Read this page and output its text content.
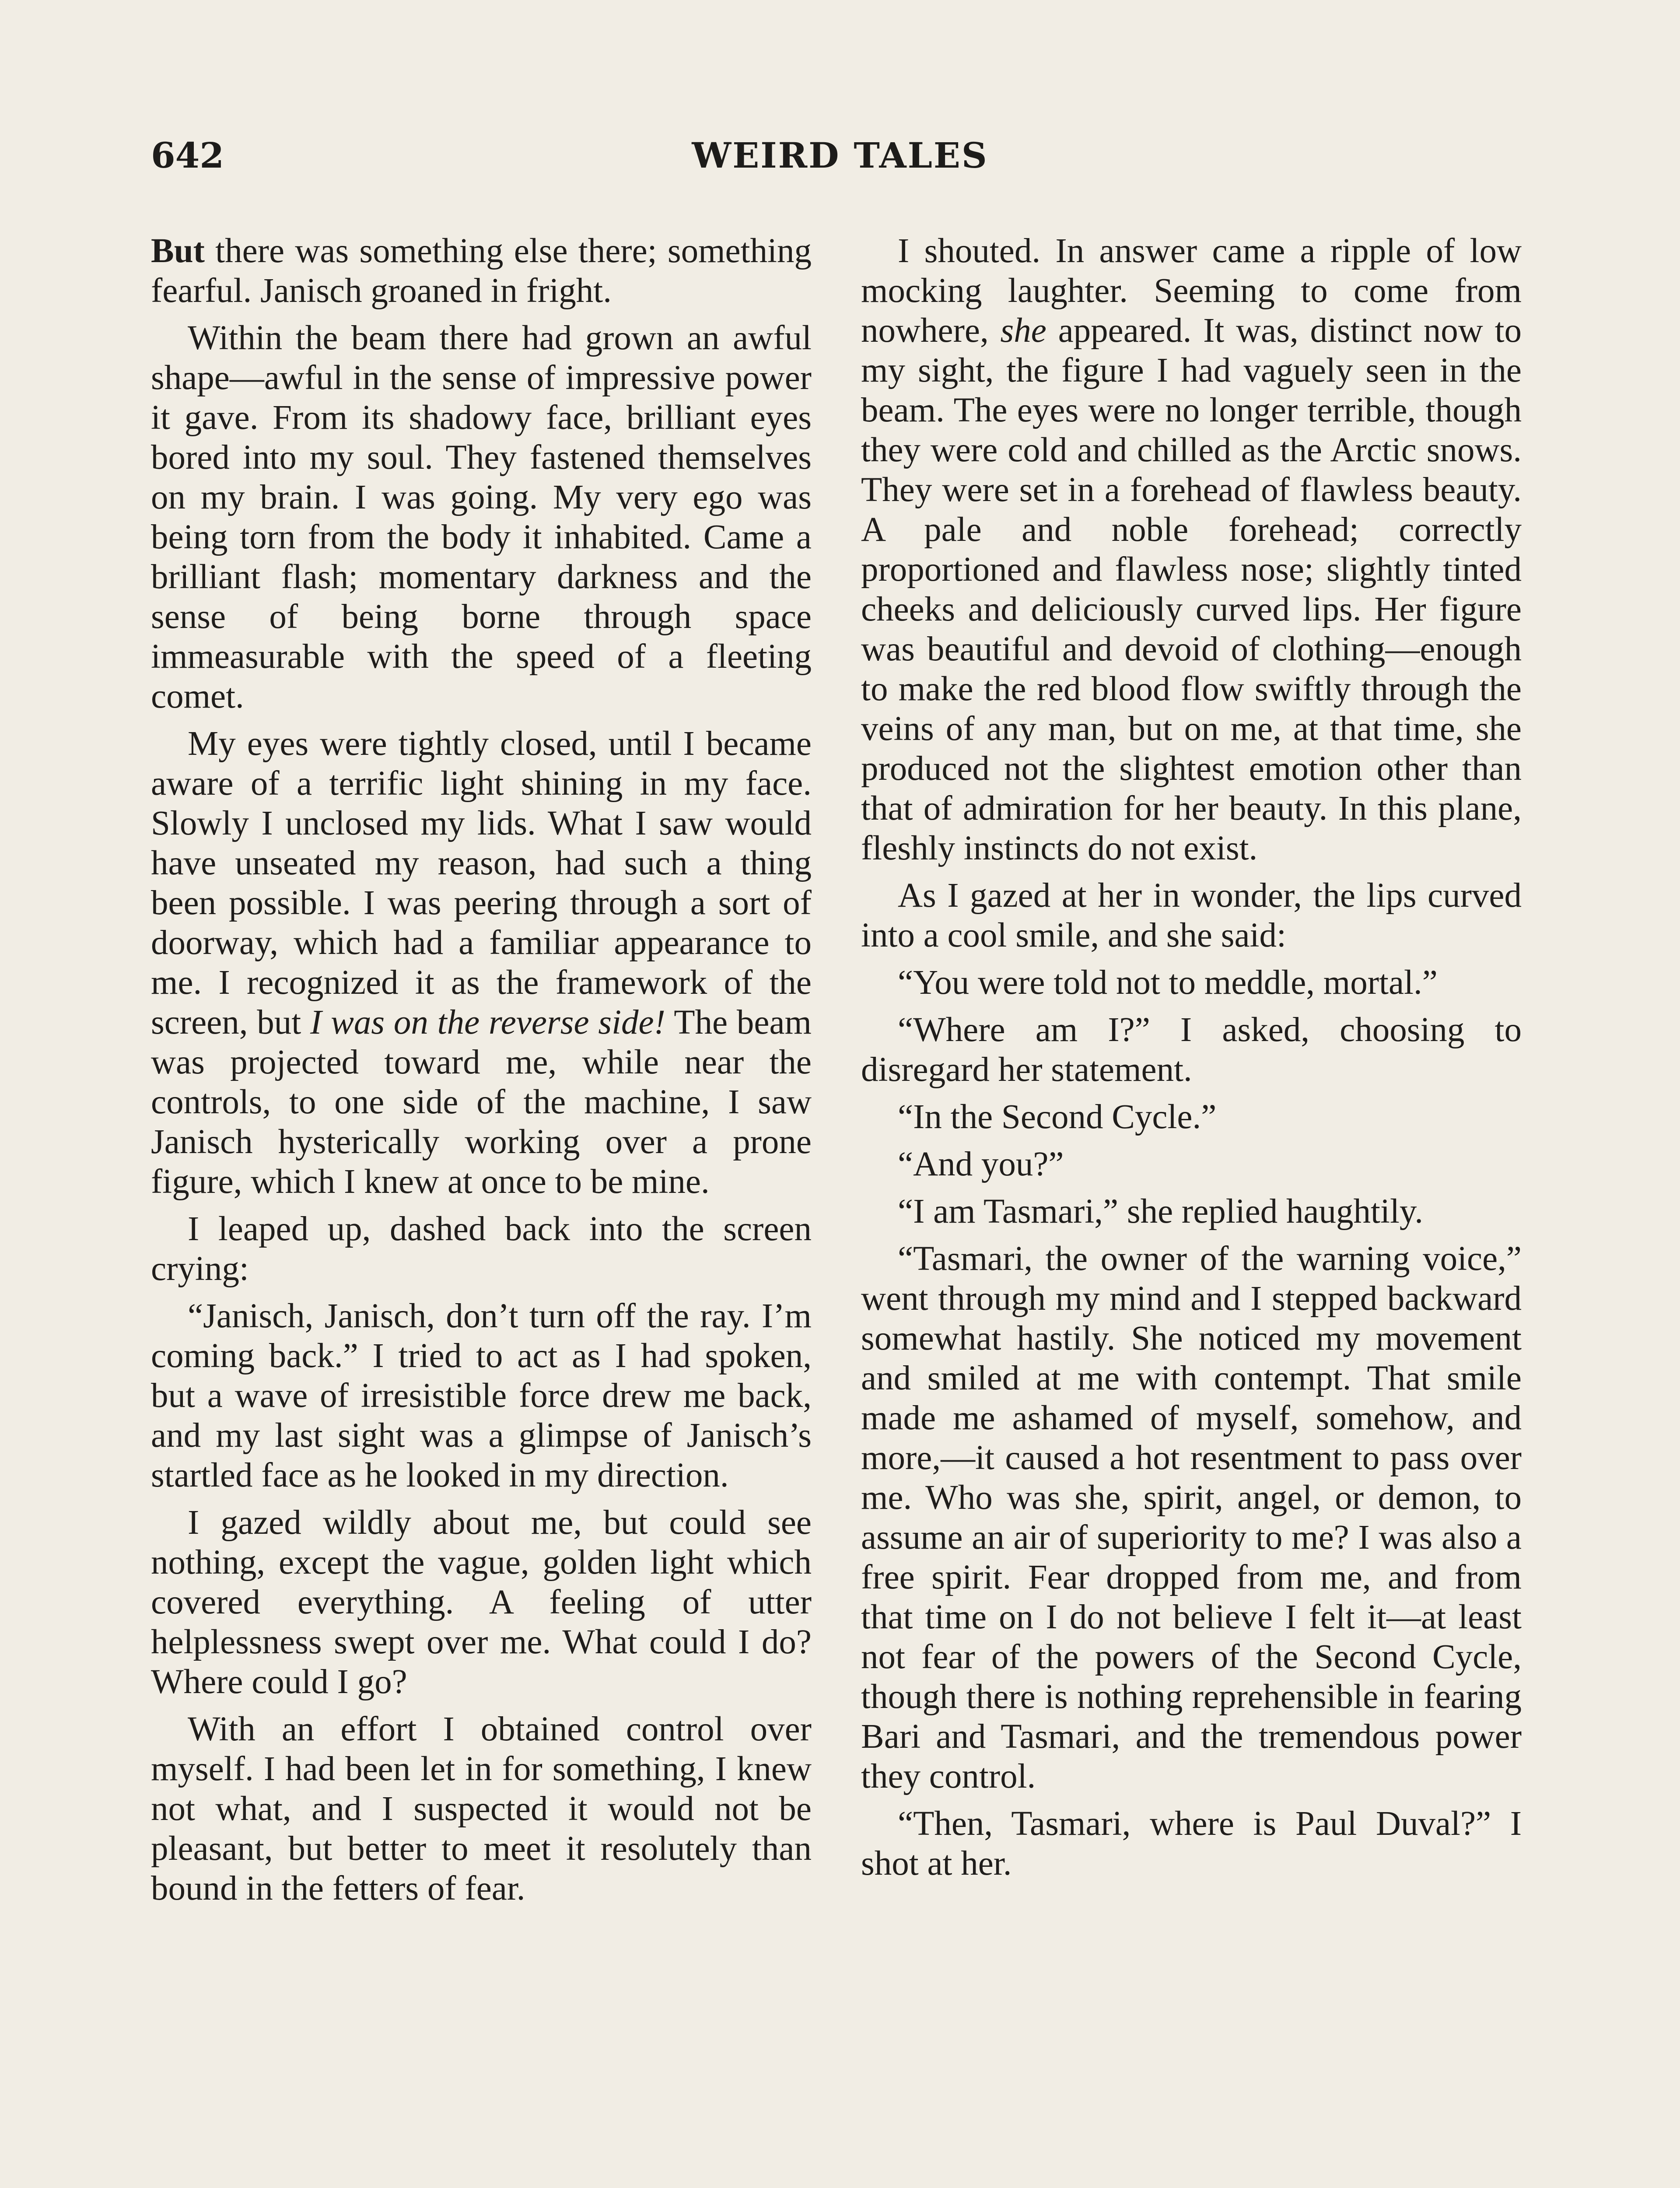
642	WEIRD TALES

But there was something else there; something fearful. Janisch groaned in fright.

Within the beam there had grown an awful shape—awful in the sense of impressive power it gave. From its shadowy face, brilliant eyes bored into my soul. They fastened themselves on my brain. I was going. My very ego was being torn from the body it inhabited. Came a brilliant flash; momentary darkness and the sense of being borne through space immeasurable with the speed of a fleeting comet.

My eyes were tightly closed, until I became aware of a terrific light shining in my face. Slowly I unclosed my lids. What I saw would have unseated my reason, had such a thing been possible. I was peering through a sort of doorway, which had a familiar appearance to me. I recognized it as the framework of the screen, but I was on the reverse side! The beam was projected toward me, while near the controls, to one side of the machine, I saw Janisch hysterically working over a prone figure, which I knew at once to be mine.

I leaped up, dashed back into the screen crying:

“Janisch, Janisch, don’t turn off the ray. I’m coming back.” I tried to act as I had spoken, but a wave of irresistible force drew me back, and my last sight was a glimpse of Janisch’s startled face as he looked in my direction.

I gazed wildly about me, but could see nothing, except the vague, golden light which covered everything. A feeling of utter helplessness swept over me. What could I do? Where could I go?

With an effort I obtained control over myself. I had been let in for something, I knew not what, and I suspected it would not be pleasant, but better to meet it resolutely than bound in the fetters of fear.

I shouted. In answer came a ripple of low mocking laughter. Seeming to come from nowhere, she appeared. It was, distinct now to my sight, the figure I had vaguely seen in the beam. The eyes were no longer terrible, though they were cold and chilled as the Arctic snows. They were set in a forehead of flawless beauty. A pale and noble forehead; correctly proportioned and flawless nose; slightly tinted cheeks and deliciously curved lips. Her figure was beautiful and devoid of clothing—enough to make the red blood flow swiftly through the veins of any man, but on me, at that time, she produced not the slightest emotion other than that of admiration for her beauty. In this plane, fleshly instincts do not exist.

As I gazed at her in wonder, the lips curved into a cool smile, and she said:

“You were told not to meddle, mortal.”

“Where am I?” I asked, choosing to disregard her statement.

“In the Second Cycle.”

“And you?”

“I am Tasmari,” she replied haughtily.

“Tasmari, the owner of the warning voice,” went through my mind and I stepped backward somewhat hastily. She noticed my movement and smiled at me with contempt. That smile made me ashamed of myself, somehow, and more,—it caused a hot resentment to pass over me. Who was she, spirit, angel, or demon, to assume an air of superiority to me? I was also a free spirit. Fear dropped from me, and from that time on I do not believe I felt it—at least not fear of the powers of the Second Cycle, though there is nothing reprehensible in fearing Bari and Tasmari, and the tremendous power they control.

“Then, Tasmari, where is Paul Duval?” I shot at her.
